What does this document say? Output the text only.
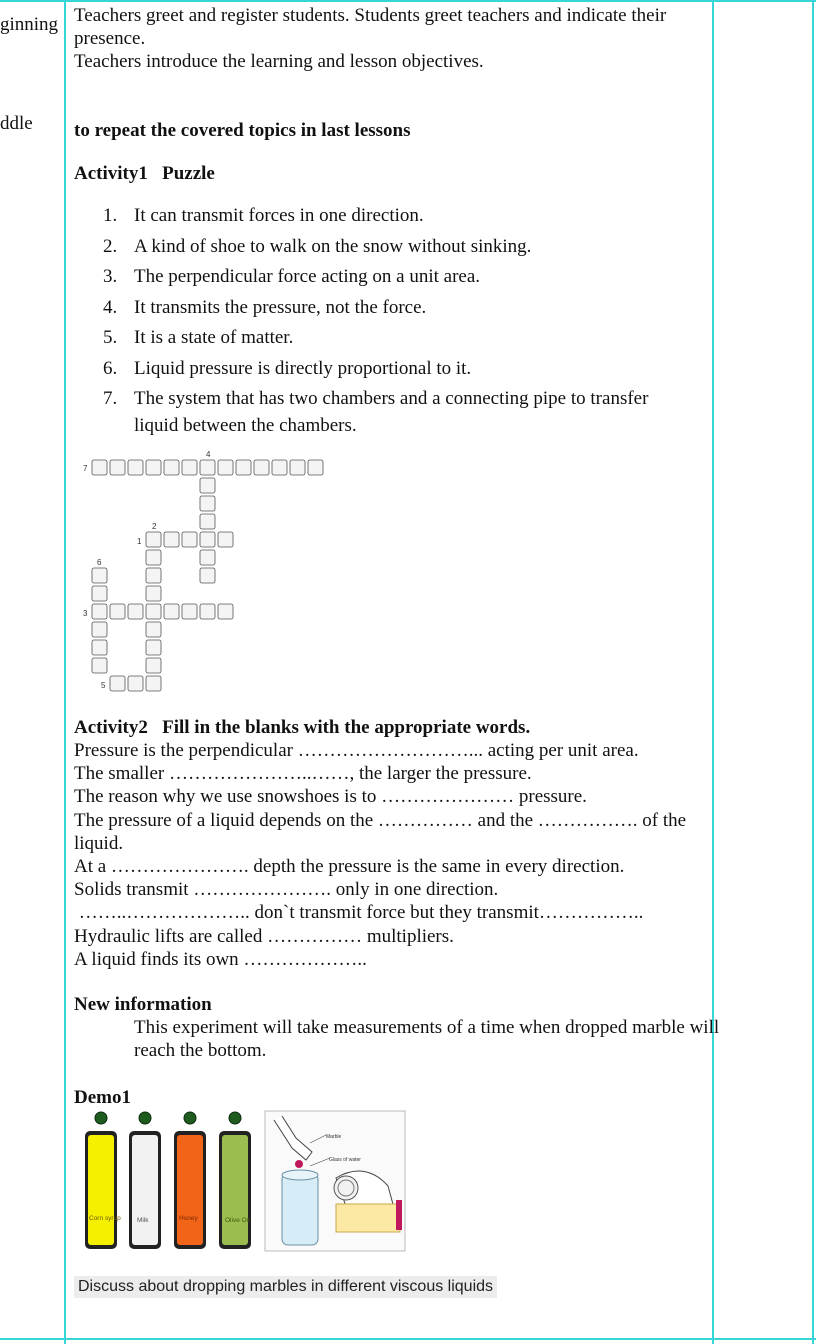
ginning
ddle
Teachers greet and register students. Students greet teachers and indicate their presence.
Teachers introduce the learning and lesson objectives.
to repeat the covered topics in last lessons
Activity1   Puzzle
1. It can transmit forces in one direction.
2. A kind of shoe to walk on the snow without sinking.
3. The perpendicular force acting on a unit area.
4. It transmits the pressure, not the force.
5. It is a state of matter.
6. Liquid pressure is directly proportional to it.
7. The system that has two chambers and a connecting pipe to transfer liquid between the chambers.
7
4
2
1
6
3
5
Activity2   Fill in the blanks with the appropriate words.

Pressure is the perpendicular ………………………... acting per unit area.

The smaller …………………..……, the larger the pressure.

The reason why we use snowshoes is to ………………… pressure.

The pressure of a liquid depends on the …………… and the ……………. of the liquid.

At a …………………. depth the pressure is the same in every direction.

Solids transmit …………………. only in one direction.

……..……………….. don`t transmit force but they transmit……………..

Hydraulic lifts are called …………… multipliers.

A liquid finds its own ………………..

New information
This experiment will take measurements of a time when dropped marble will reach the bottom.
Demo1
Corn syrup Milk	Honey	Olive Oil
Marble
Glass of water
Discuss about dropping marbles in different viscous liquids
